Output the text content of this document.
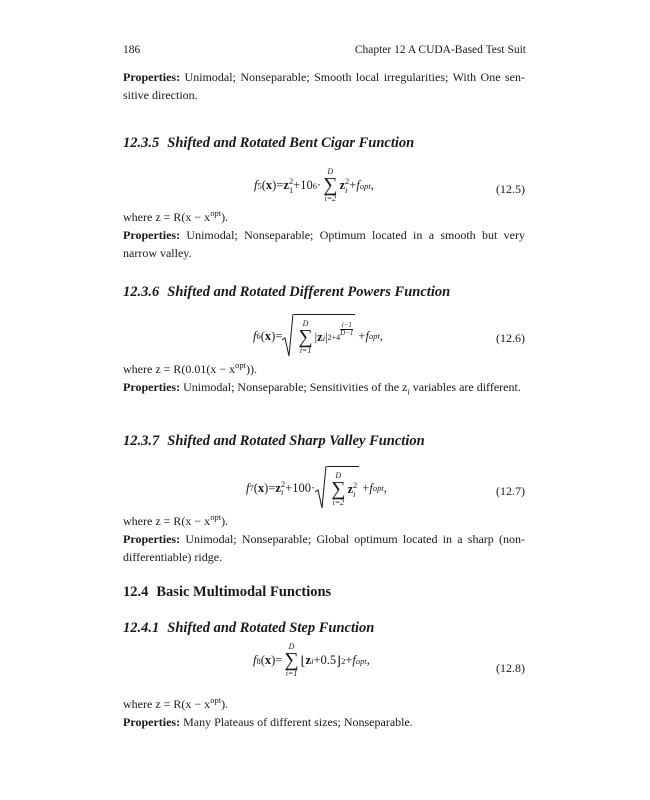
186	Chapter 12 A CUDA-Based Test Suit
Properties: Unimodal; Nonseparable; Smooth local irregularities; With One sen-sitive direction.
12.3.5 Shifted and Rotated Bent Cigar Function
f 5 ( x ) = z 2
1 + 10 6 ·
D
∑
i=2
z 2
i + f opt ,	(12.5)
where $z = R(x - x^{opt})$.
Properties: Unimodal; Nonseparable; Optimum located in a smooth but very narrow valley.
12.3.6 Shifted and Rotated Different Powers Function
f 6 ( x ) =
D
∑
i=1
| z i | $2+4 \frac{i-1}{D-1} + f$ opt ,	(12.6)
where $z = R(0.01(x - x^{opt}))$.
Properties: Unimodal; Nonseparable; Sensitivities of the $z_i$ variables are different.
12.3.7 Shifted and Rotated Sharp Valley Function
f 7 ( x ) = z 2
i + 100 ·
D
∑
i=2
z 2
i + f opt ,	(12.7)
where $z = R(x - x^{opt})$.
Properties: Unimodal; Nonseparable; Global optimum located in a sharp (non-differentiable) ridge.
12.4 Basic Multimodal Functions
12.4.1 Shifted and Rotated Step Function
f 8 ( x ) =
D
∑
i=1
⌊ z i + 0.5 ⌋ 2 + f opt ,
(12.8)
where $z = R(x - x^{opt})$.
Properties: Many Plateaus of different sizes; Nonseparable.
